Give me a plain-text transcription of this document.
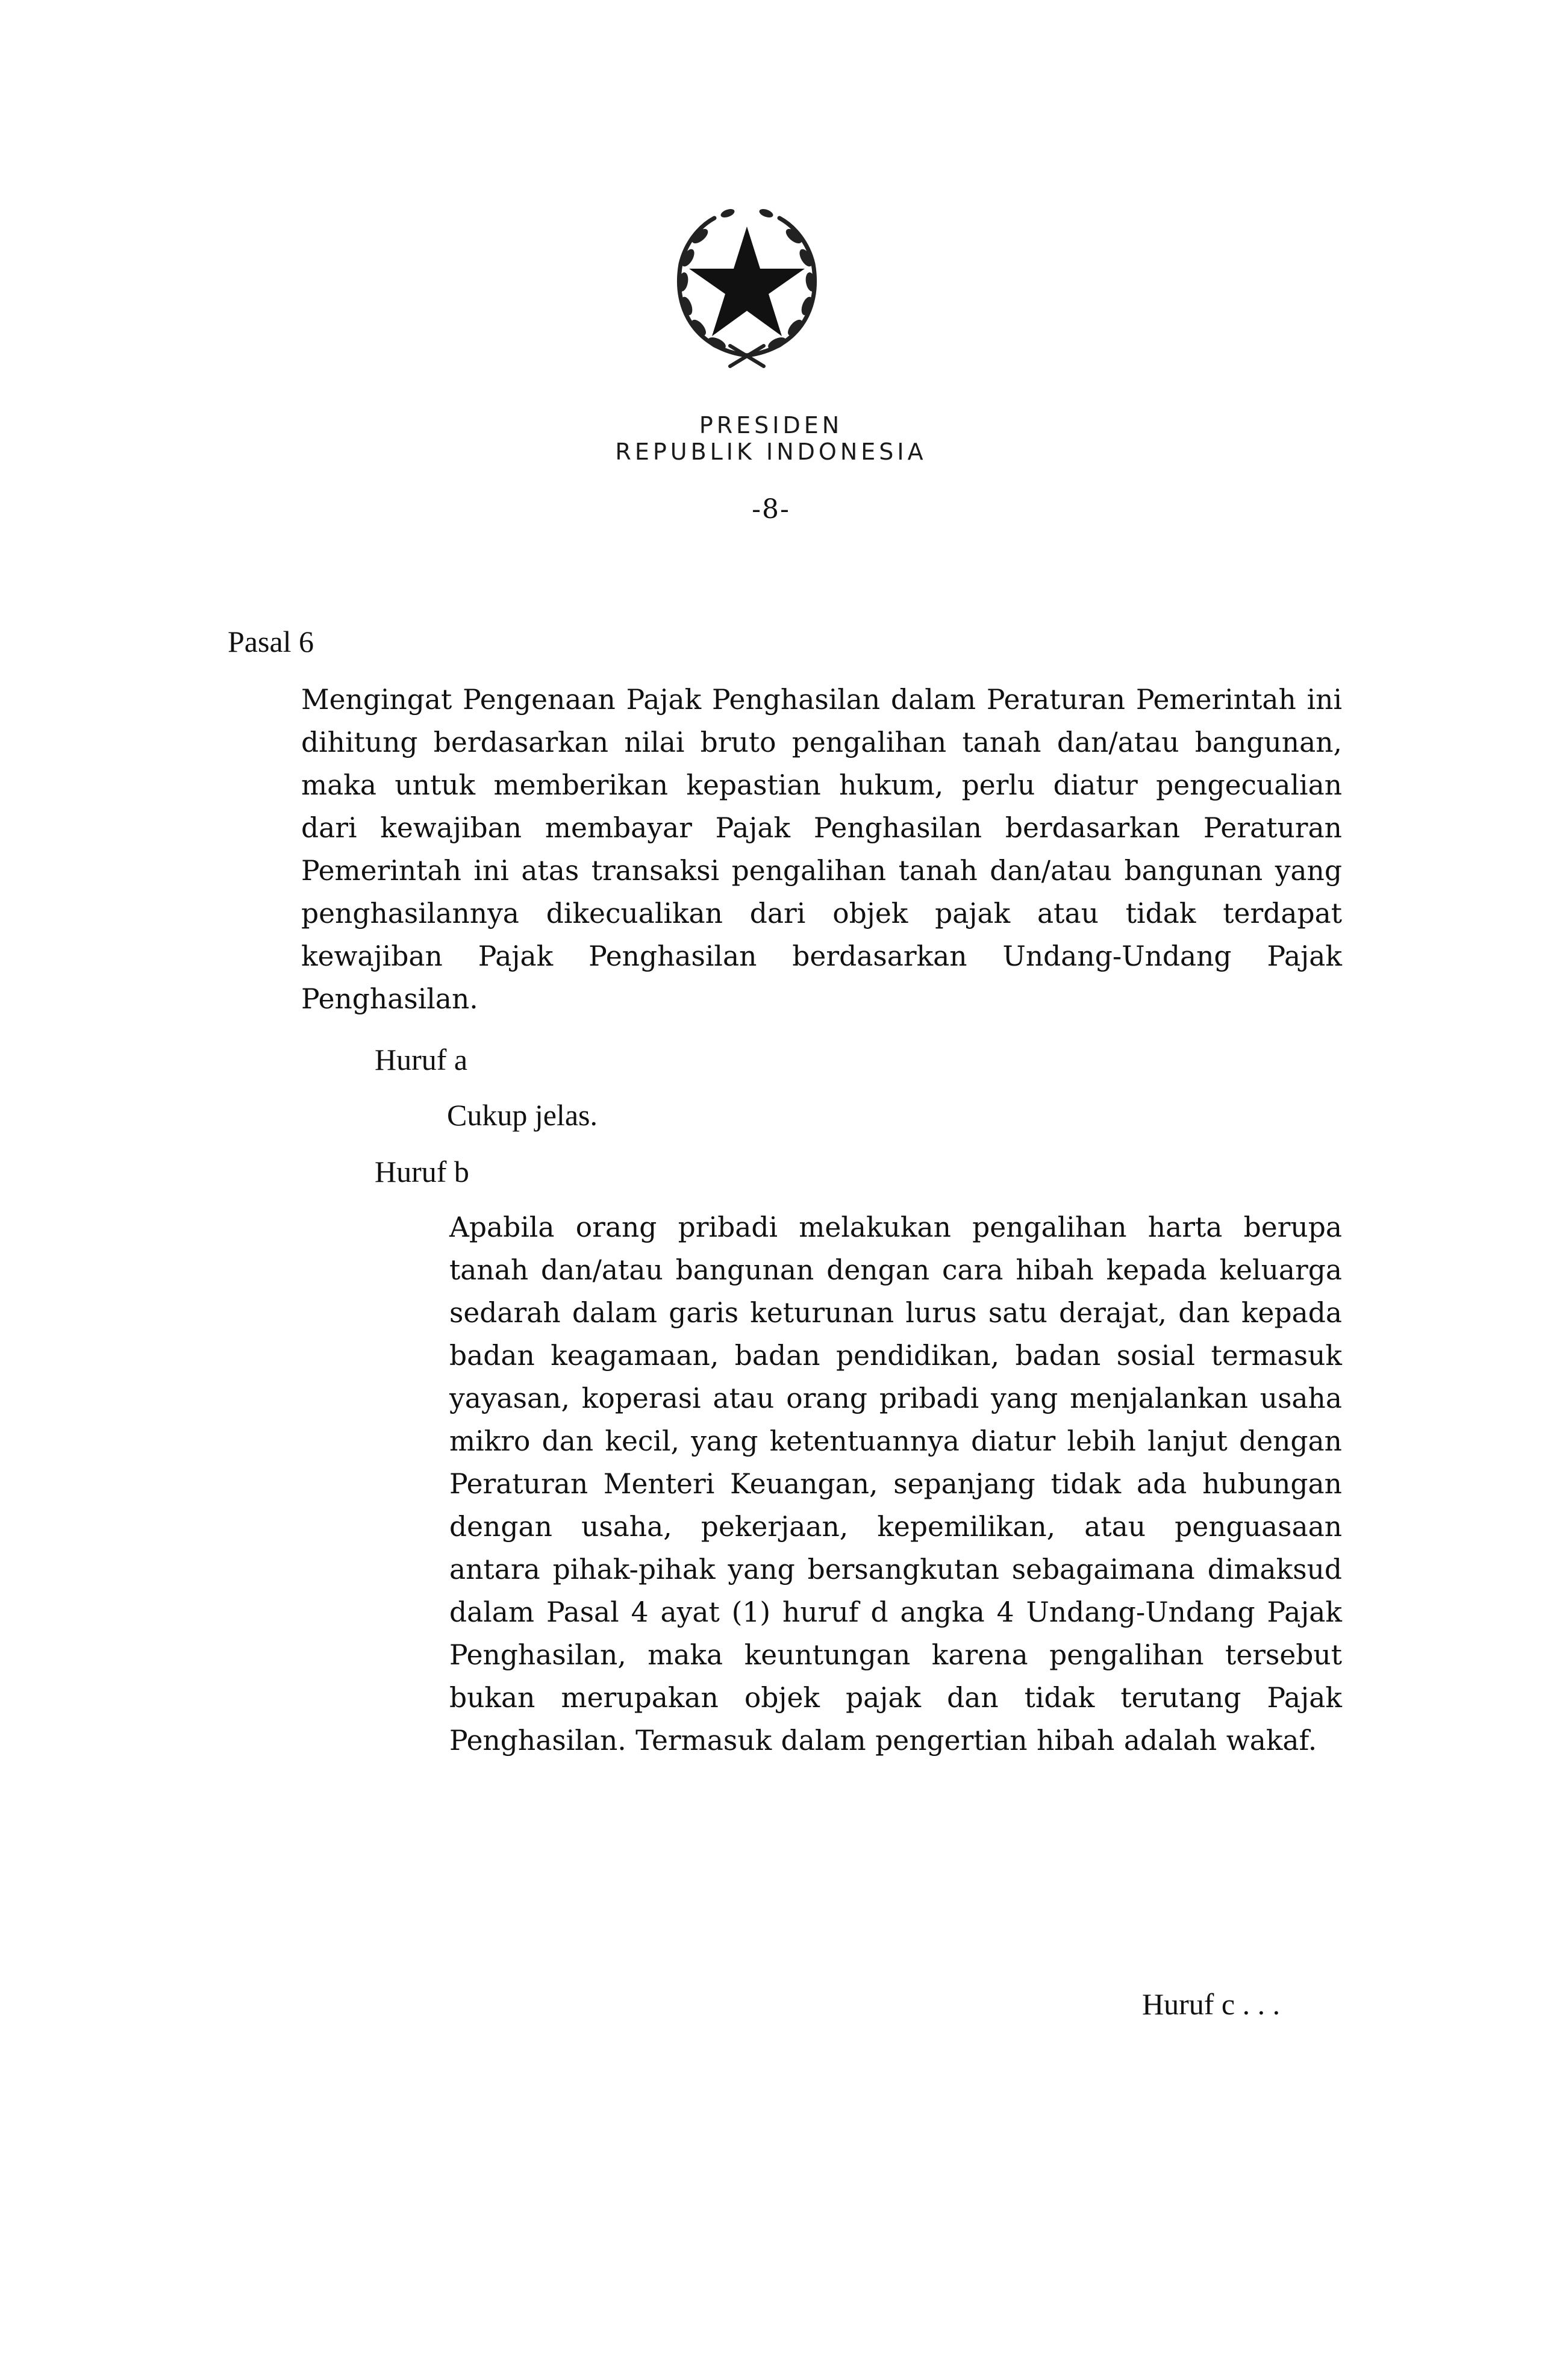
PRESIDEN
REPUBLIK INDONESIA
-8-
Pasal 6

Mengingat Pengenaan Pajak Penghasilan dalam Peraturan Pemerintah ini dihitung berdasarkan nilai bruto pengalihan tanah dan/atau bangunan, maka untuk memberikan kepastian hukum, perlu diatur pengecualian dari kewajiban membayar Pajak Penghasilan berdasarkan Peraturan Pemerintah ini atas transaksi pengalihan tanah dan/atau bangunan yang penghasilannya dikecualikan dari objek pajak atau tidak terdapat kewajiban Pajak Penghasilan berdasarkan Undang-Undang Pajak Penghasilan.

Huruf a
Cukup jelas.
Huruf b

Apabila orang pribadi melakukan pengalihan harta berupa tanah dan/atau bangunan dengan cara hibah kepada keluarga sedarah dalam garis keturunan lurus satu derajat, dan kepada badan keagamaan, badan pendidikan, badan sosial termasuk yayasan, koperasi atau orang pribadi yang menjalankan usaha mikro dan kecil, yang ketentuannya diatur lebih lanjut dengan Peraturan Menteri Keuangan, sepanjang tidak ada hubungan dengan usaha, pekerjaan, kepemilikan, atau penguasaan antara pihak-pihak yang bersangkutan sebagaimana dimaksud dalam Pasal 4 ayat (1) huruf d angka 4 Undang-Undang Pajak Penghasilan, maka keuntungan karena pengalihan tersebut bukan merupakan objek pajak dan tidak terutang Pajak Penghasilan. Termasuk dalam pengertian hibah adalah wakaf.

Huruf c . . .
